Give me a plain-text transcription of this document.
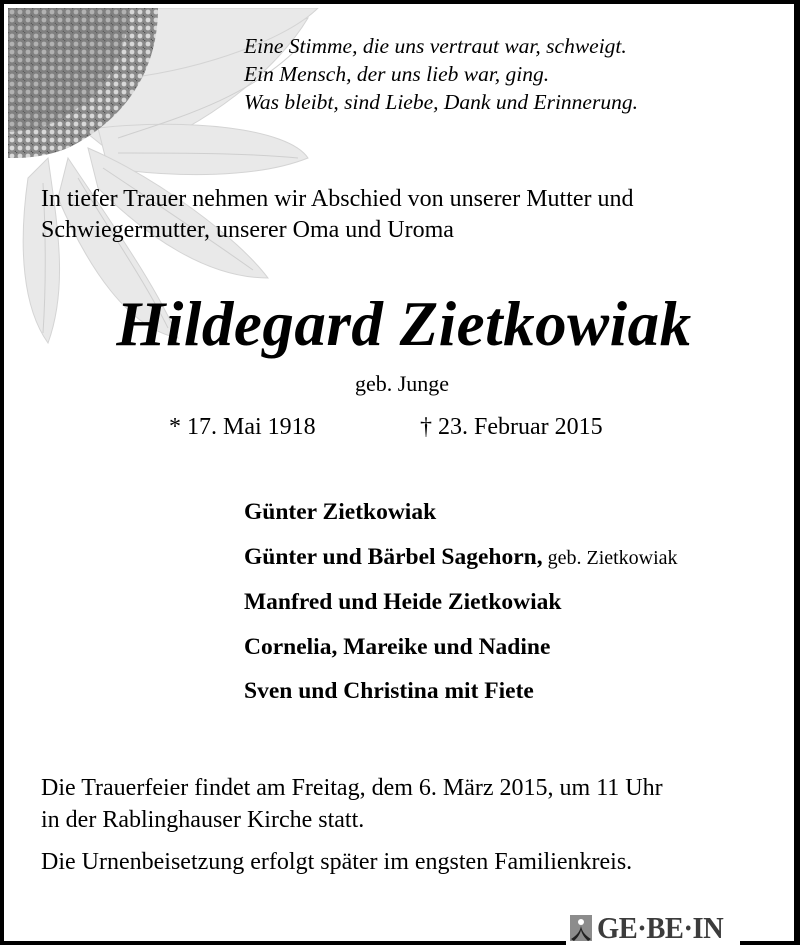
Eine Stimme, die uns vertraut war, schweigt.
Ein Mensch, der uns lieb war, ging.
Was bleibt, sind Liebe, Dank und Erinnerung.
In tiefer Trauer nehmen wir Abschied von unserer Mutter und
Schwiegermutter, unserer Oma und Uroma
Hildegard Zietkowiak
geb. Junge
* 17. Mai 1918	† 23. Februar 2015
Günter Zietkowiak
Günter und Bärbel Sagehorn, geb. Zietkowiak
Manfred und Heide Zietkowiak
Cornelia, Mareike und Nadine
Sven und Christina mit Fiete
Die Trauerfeier findet am Freitag, dem 6. März 2015, um 11 Uhr
in der Rablinghauser Kirche statt.
Die Urnenbeisetzung erfolgt später im engsten Familienkreis.
GE·BE·IN
